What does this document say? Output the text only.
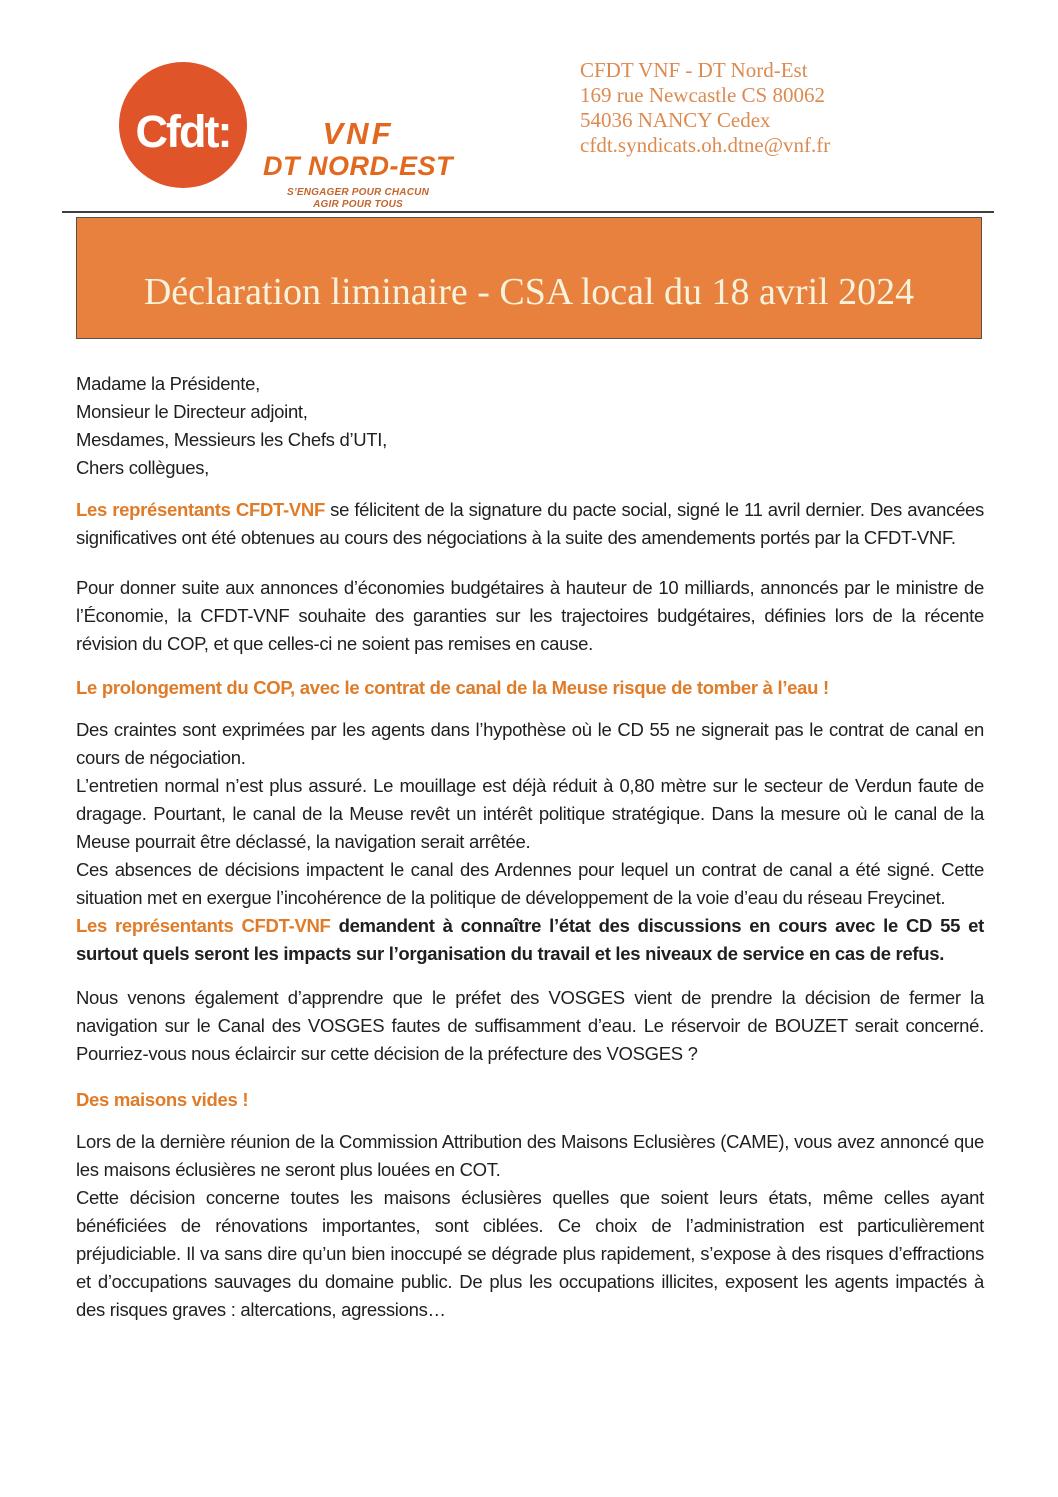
Cfdt:	VNF
DT NORD-EST
S’ENGAGER POUR CHACUN
AGIR POUR TOUS
CFDT VNF - DT Nord-Est
169 rue Newcastle CS 80062
54036 NANCY Cedex
cfdt.syndicats.oh.dtne@vnf.fr
Déclaration liminaire - CSA local du 18 avril 2024
Madame la Présidente,
Monsieur le Directeur adjoint,
Mesdames, Messieurs les Chefs d’UTI,
Chers collègues,

Les représentants CFDT-VNF se félicitent de la signature du pacte social, signé le 11 avril dernier. Des avancées significatives ont été obtenues au cours des négociations à la suite des amendements portés par la CFDT-VNF.

Pour donner suite aux annonces d’économies budgétaires à hauteur de 10 milliards, annoncés par le ministre de l’Économie, la CFDT-VNF souhaite des garanties sur les trajectoires budgétaires, définies lors de la récente révision du COP, et que celles-ci ne soient pas remises en cause.

Le prolongement du COP, avec le contrat de canal de la Meuse risque de tomber à l’eau !
Des craintes sont exprimées par les agents dans l’hypothèse où le CD 55 ne signerait pas le contrat de canal en cours de négociation.
L’entretien normal n’est plus assuré. Le mouillage est déjà réduit à 0,80 mètre sur le secteur de Verdun faute de dragage. Pourtant, le canal de la Meuse revêt un intérêt politique stratégique. Dans la mesure où le canal de la Meuse pourrait être déclassé, la navigation serait arrêtée.
Ces absences de décisions impactent le canal des Ardennes pour lequel un contrat de canal a été signé. Cette situation met en exergue l’incohérence de la politique de développement de la voie d’eau du réseau Freycinet.
Les représentants CFDT-VNF demandent à connaître l’état des discussions en cours avec le CD 55 et surtout quels seront les impacts sur l’organisation du travail et les niveaux de service en cas de refus.

Nous venons également d’apprendre que le préfet des VOSGES vient de prendre la décision de fermer la navigation sur le Canal des VOSGES fautes de suffisamment d’eau. Le réservoir de BOUZET serait concerné. Pourriez-vous nous éclaircir sur cette décision de la préfecture des VOSGES ?

Des maisons vides !
Lors de la dernière réunion de la Commission Attribution des Maisons Eclusières (CAME), vous avez annoncé que les maisons éclusières ne seront plus louées en COT.
Cette décision concerne toutes les maisons éclusières quelles que soient leurs états, même celles ayant bénéficiées de rénovations importantes, sont ciblées. Ce choix de l’administration est particulièrement préjudiciable. Il va sans dire qu’un bien inoccupé se dégrade plus rapidement, s’expose à des risques d’effractions et d’occupations sauvages du domaine public. De plus les occupations illicites, exposent les agents impactés à des risques graves : altercations, agressions…
